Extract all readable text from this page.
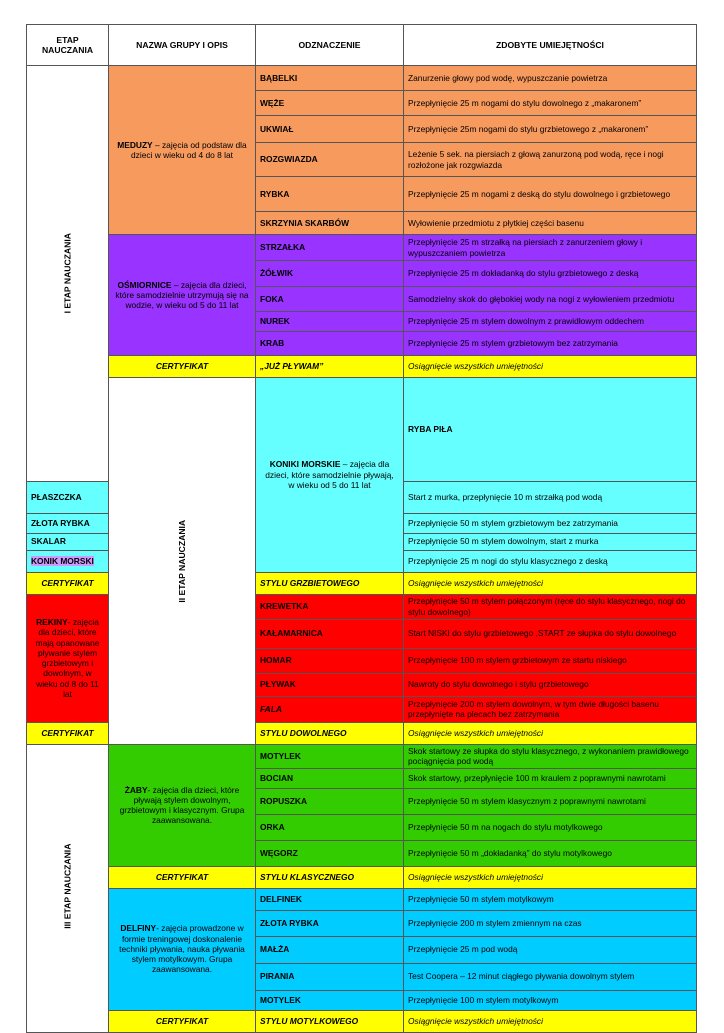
ETAP NAUCZANIA	NAZWA GRUPY I OPIS	ODZNACZENIE	ZDOBYTE UMIEJĘTNOŚCI	

I ETAP NAUCZANIA	MEDUZY – zajęcia od podstaw dla dzieci w wieku od 4 do 8 lat	BĄBELKI	Zanurzenie głowy pod wodę, wypuszczanie powietrza	
		WĘŻE	Przepłynięcie 25 m nogami do stylu dowolnego z „makaronem”	
		UKWIAŁ	Przepłynięcie 25m nogami do stylu grzbietowego z „makaronem”	
		ROZGWIAZDA	Leżenie 5 sek. na piersiach z głową zanurzoną pod wodą, ręce i nogi rozłożone jak rozgwiazda	
		RYBKA	Przepłynięcie 25 m nogami z deską do stylu dowolnego i grzbietowego	
		SKRZYNIA SKARBÓW	Wyłowienie przedmiotu z płytkiej części basenu	
	OŚMIORNICE – zajęcia dla dzieci, które samodzielnie utrzymują się na wodzie, w wieku od 5 do 11 lat	STRZAŁKA	Przepłynięcie 25 m strzałką na piersiach z zanurzeniem głowy i wypuszczaniem powietrza	
		ŻÓŁWIK	Przepłynięcie 25 m dokładanką do stylu grzbietowego z deską	
		FOKA	Samodzielny skok do głębokiej wody na nogi z wyłowieniem przedmiotu	
		NUREK	Przepłynięcie 25 m stylem dowolnym z prawidłowym oddechem	
		KRAB	Przepłynięcie 25 m stylem grzbietowym bez zatrzymania	
	CERTYFIKAT	„JUŻ PŁYWAM”	Osiągnięcie wszystkich umiejętności	

	II ETAP NAUCZANIA	KONIKI MORSKIE – zajęcia dla dzieci, które samodzielnie pływają, w wieku od 5 do 11 lat	RYBA PIŁA	
PŁASZCZKA			Start z murka, przepłynięcie 10 m strzałką pod wodą	
ZŁOTA RYBKA			Przepłynięcie 50 m stylem grzbietowym bez zatrzymania	
SKALAR			Przepłynięcie 50 m stylem dowolnym, start z murka	
KONIK MORSKI			Przepłynięcie 25 m nogi do stylu klasycznego z deską	
CERTYFIKAT		STYLU GRZBIETOWEGO	Osiągnięcie wszystkich umiejętności	
REKINY- zajęcia dla dzieci, które mają opanowane pływanie stylem grzbietowym i dowolnym, w wieku od 8 do 11 lat		KREWETKA	Przepłynięcie 50 m stylem połączonym (ręce do stylu klasycznego, nogi do stylu dowolnego)	
		KAŁAMARNICA	Start NISKI do stylu grzbietowego ,START ze słupka do stylu dowolnego	
		HOMAR	Przepłynięcie 100 m stylem grzbietowym ze startu niskiego	
		PŁYWAK	Nawroty do stylu dowolnego i stylu grzbietowego	
		FALA	Przepłynięcie 200 m stylem dowolnym, w tym dwie długości basenu przepłynięte na plecach bez zatrzymania	
CERTYFIKAT		STYLU DOWOLNEGO	Osiągnięcie wszystkich umiejętności	

III ETAP NAUCZANIA	ŻABY- zajęcia dla dzieci, które pływają stylem dowolnym, grzbietowym i klasycznym. Grupa zaawansowana.	MOTYLEK	Skok startowy ze słupka do stylu klasycznego, z wykonaniem prawidłowego pociągnięcia pod wodą	
		BOCIAN	Skok startowy, przepłynięcie 100 m kraulem z poprawnymi nawrotami	
		ROPUSZKA	Przepłynięcie 50 m stylem klasycznym z poprawnymi nawrotami	
		ORKA	Przepłynięcie 50 m na nogach do stylu motylkowego	
		WĘGORZ	Przepłynięcie 50 m „dokładanką” do stylu motylkowego	
	CERTYFIKAT	STYLU KLASYCZNEGO	Osiągnięcie wszystkich umiejętności	
	DELFINY- zajęcia prowadzone w formie treningowej doskonalenie techniki pływania, nauka pływania stylem motylkowym. Grupa zaawansowana.	DELFINEK	Przepłynięcie 50 m stylem motylkowym	
		ZŁOTA RYBKA	Przepłynięcie 200 m stylem zmiennym na czas	
		MAŁŻA	Przepłynięcie 25 m pod wodą	
		PIRANIA	Test Coopera – 12 minut ciągłego pływania dowolnym stylem	
		MOTYLEK	Przepłynięcie 100 m stylem motylkowym	
	CERTYFIKAT	STYLU MOTYLKOWEGO	Osiągnięcie wszystkich umiejętności	
